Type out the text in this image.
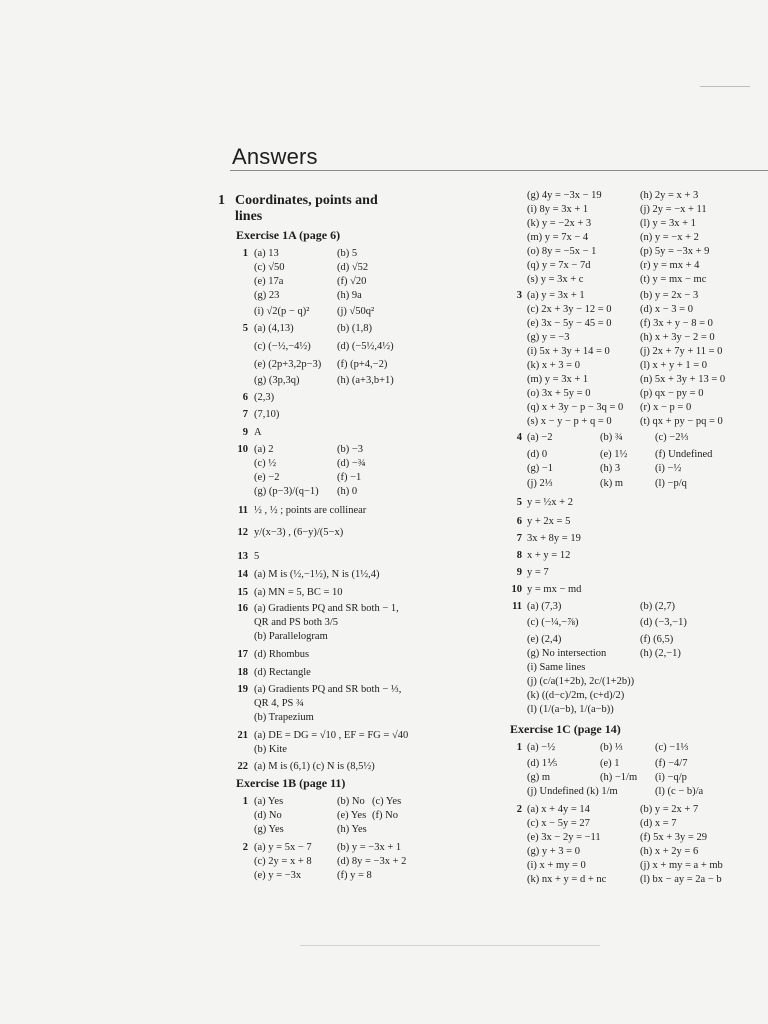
Answers
1 Coordinates, points and lines
Exercise 1A (page 6)
1 (a) 13	(b) 5
(c) √50	(d) √52
(e) 17a	(f) √20
(g) 23	(h) 9a
(i) √2(p − q)²	(j) √50q²
5 (a) (4,13)	(b) (1,8)
(c) (−½,−4½)	(d) (−5½,4½)
(e) (2p+3,2p−3) (f) (p+4,−2)
(g) (3p,3q)	(h) (a+3,b+1)
6 (2,3)
7 (7,10)
9 A
10 (a) 2	(b) −3
(c) ½	(d) −¾
(e) −2	(f) −1
(g) (p−3)/(q−1) (h) 0
11 ½ , ½ ; points are collinear
12 y/(x−3) , (6−y)/(5−x)
13 5
14 (a) M is (½,−1½), N is (1½,4)
15 (a) MN = 5, BC = 10
16 (a) Gradients PQ and SR both − 1,
QR and PS both 3/5
(b) Parallelogram
17 (d) Rhombus
18 (d) Rectangle
19 (a) Gradients PQ and SR both − ⅓,
QR 4, PS ¾
(b) Trapezium
21 (a) DE = DG = √10 , EF = FG = √40
(b) Kite
22 (a) M is (6,1) (c) N is (8,5½)
Exercise 1B (page 11)
1 (a) Yes	(b) No (c) Yes
(d) No	(e) Yes (f) No
(g) Yes	(h) Yes
2 (a) y = 5x − 7 (b) y = −3x + 1
(c) 2y = x + 8 (d) 8y = −3x + 2
(e) y = −3x	(f) y = 8
(g) 4y = −3x − 19	(h) 2y = x + 3
(i) 8y = 3x + 1	(j) 2y = −x + 11
(k) y = −2x + 3	(l) y = 3x + 1
(m) y = 7x − 4	(n) y = −x + 2
(o) 8y = −5x − 1	(p) 5y = −3x + 9
(q) y = 7x − 7d	(r) y = mx + 4
(s) y = 3x + c	(t) y = mx − mc
3 (a) y = 3x + 1	(b) y = 2x − 3
(c) 2x + 3y − 12 = 0	(d) x − 3 = 0
(e) 3x − 5y − 45 = 0	(f) 3x + y − 8 = 0
(g) y = −3	(h) x + 3y − 2 = 0
(i) 5x + 3y + 14 = 0	(j) 2x + 7y + 11 = 0
(k) x + 3 = 0	(l) x + y + 1 = 0
(m) y = 3x + 1	(n) 5x + 3y + 13 = 0
(o) 3x + 5y = 0	(p) qx − py = 0
(q) x + 3y − p − 3q = 0 (r) x − p = 0
(s) x − y − p + q = 0	(t) qx + py − pq = 0
4 (a) −2	(b) ¾	(c) −2⅓
(d) 0	(e) 1½	(f) Undefined
(g) −1	(h) 3	(i) −½
(j) 2⅓	(k) m	(l) −p/q
5 y = ½x + 2
6 y + 2x = 5
7 3x + 8y = 19
8 x + y = 12
9 y = 7
10 y = mx − md
11 (a) (7,3)	(b) (2,7)
(c) (−¼,−⅞)	(d) (−3,−1)
(e) (2,4)	(f) (6,5)
(g) No intersection	(h) (2,−1)
(i) Same lines
(j) (c/a(1+2b), 2c/(1+2b))
(k) ((d−c)/2m, (c+d)/2)
(l) (1/(a−b), 1/(a−b))
Exercise 1C (page 14)
1 (a) −½	(b) ⅓	(c) −1⅓
(d) 1⅕	(e) 1	(f) −4/7
(g) m	(h) −1/m (i) −q/p
(j) Undefined (k) 1/m	(l) (c − b)/a
2 (a) x + 4y = 14	(b) y = 2x + 7
(c) x − 5y = 27	(d) x = 7
(e) 3x − 2y = −11	(f) 5x + 3y = 29
(g) y + 3 = 0	(h) x + 2y = 6
(i) x + my = 0	(j) x + my = a + mb
(k) nx + y = d + nc	(l) bx − ay = 2a − b
